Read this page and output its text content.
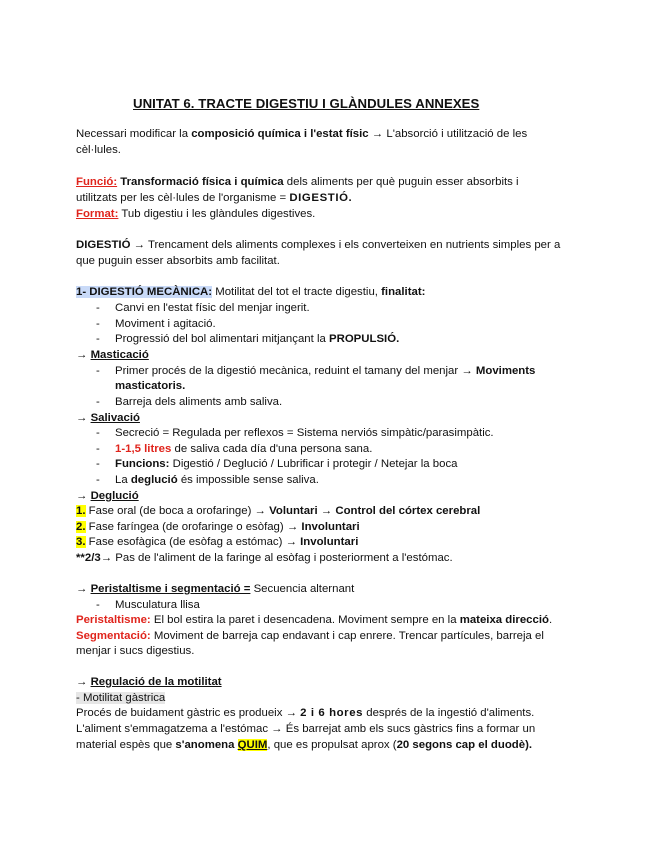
UNITAT 6. TRACTE DIGESTIU I GLÀNDULES ANNEXES
Necessari modificar la composició química i l'estat físic → L'absorció i utilització de les
cèl·lules.
Funció: Transformació física i química dels aliments per què puguin esser absorbits i
utilitzats per les cèl·lules de l'organisme = DIGESTIÓ.
Format: Tub digestiu i les glàndules digestives.
DIGESTIÓ → Trencament dels aliments complexes i els converteixen en nutrients simples per a
que puguin esser absorbits amb facilitat.
1- DIGESTIÓ MECÀNICA: Motilitat del tot el tracte digestiu, finalitat:
- Canvi en l'estat físic del menjar ingerit.
- Moviment i agitació.
- Progressió del bol alimentari mitjançant la PROPULSIÓ.
→ Masticació
- Primer procés de la digestió mecànica, reduint el tamany del menjar → Moviments
masticatoris.
- Barreja dels aliments amb saliva.
→ Salivació
- Secreció = Regulada per reflexos = Sistema nerviós simpàtic/parasimpàtic.
- 1-1,5 litres de saliva cada día d'una persona sana.
- Funcions: Digestió / Deglució / Lubrificar i protegir / Netejar la boca
- La deglució és impossible sense saliva.
→ Deglució
1. Fase oral (de boca a orofaringe) → Voluntari → Control del córtex cerebral
2. Fase faríngea (de orofaringe o esòfag) → Involuntari
3. Fase esofàgica (de esòfag a estómac) → Involuntari
**2/3→ Pas de l'aliment de la faringe al esòfag i posteriorment a l'estómac.
→ Peristaltisme i segmentació = Secuencia alternant
- Musculatura llisa
Peristaltisme: El bol estira la paret i desencadena. Moviment sempre en la mateixa direcció.
Segmentació: Moviment de barreja cap endavant i cap enrere. Trencar partícules, barreja el
menjar i sucs digestius.
→ Regulació de la motilitat
- Motilitat gàstrica
Procés de buidament gàstric es produeix → 2 i 6 hores després de la ingestió d'aliments.
L'aliment s'emmagatzema a l'estómac → És barrejat amb els sucs gàstrics fins a formar un
material espès que s'anomena QUIM, que es propulsat aprox (20 segons cap el duodè).
